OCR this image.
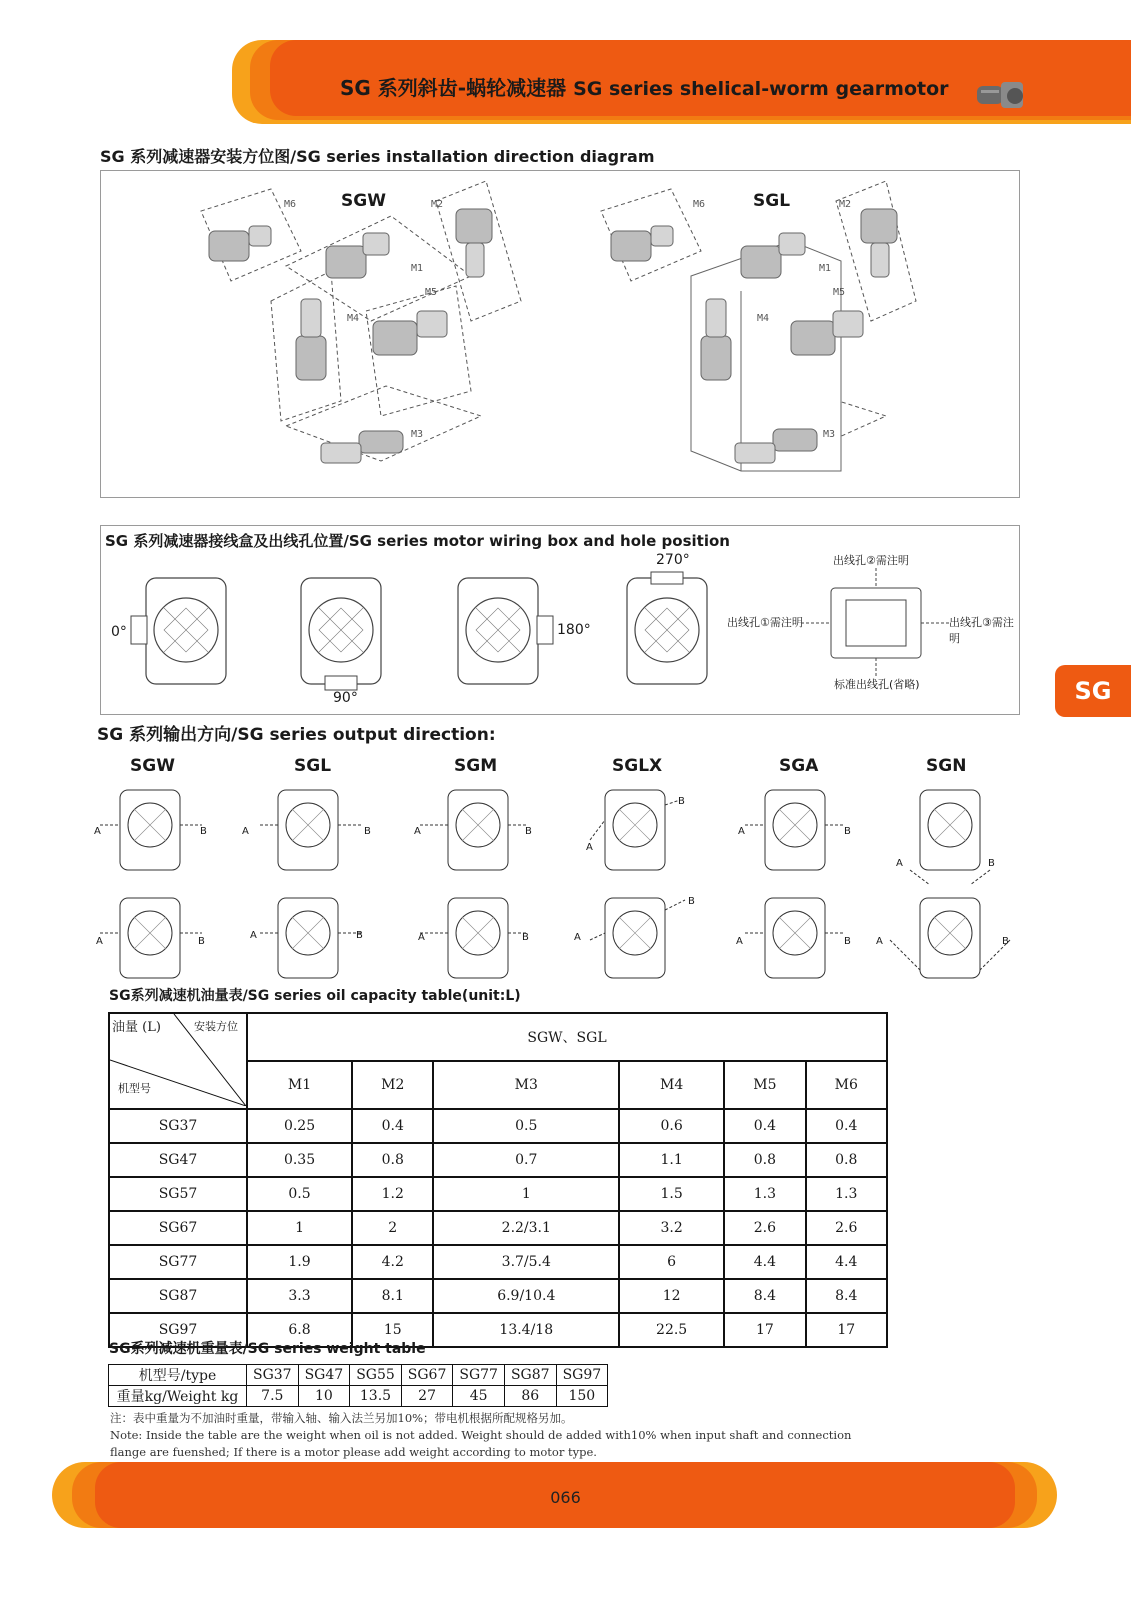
SG 系列斜齿-蜗轮减速器 SG series shelical-worm gearmotor
SG
SG 系列减速器安装方位图/SG series installation direction diagram
SGW	SGL
M6	M2
M1
M5
M4
M3
M6	M2
M1
M5
M4
M3
SG 系列减速器接线盒及出线孔位置/SG series motor wiring box and hole position
0°
90°
180°
270°	出线孔②需注明
出线孔①需注明	出线孔③需注明
标准出线孔(省略)
SG 系列输出方向/SG series output direction:
SGW	SGL	SGM	SGLX	SGA	SGN
A	B	A	B	A	B
A
B
A	B
A	B
A	B
A	B	A	B	A
B
A	B	A	B
SG系列减速机油量表/SG series oil capacity table(unit:L)
安装方位
油量 (L)
机型号	SGW、SGL					
	M1	M2	M3	M4	M5	M6
SG37	0.25	0.4	0.5	0.6	0.4	0.4
SG47	0.35	0.8	0.7	1.1	0.8	0.8
SG57	0.5	1.2	1	1.5	1.3	1.3
SG67	1	2	2.2/3.1	3.2	2.6	2.6
SG77	1.9	4.2	3.7/5.4	6	4.4	4.4
SG87	3.3	8.1	6.9/10.4	12	8.4	8.4
SG97	6.8	15	13.4/18	22.5	17	17
SG系列减速机重量表/SG series weight table
机型号/type	SG37	SG47	SG55	SG67	SG77	SG87	SG97
重量kg/Weight kg	7.5	10	13.5	27	45	86	150
注：表中重量为不加油时重量，带输入轴、输入法兰另加10%；带电机根据所配规格另加。
Note: Inside the table are the weight when oil is not added. Weight should de added with10% when input shaft and connection flange are fuenshed; If there is a motor please add weight according to motor type.
066
